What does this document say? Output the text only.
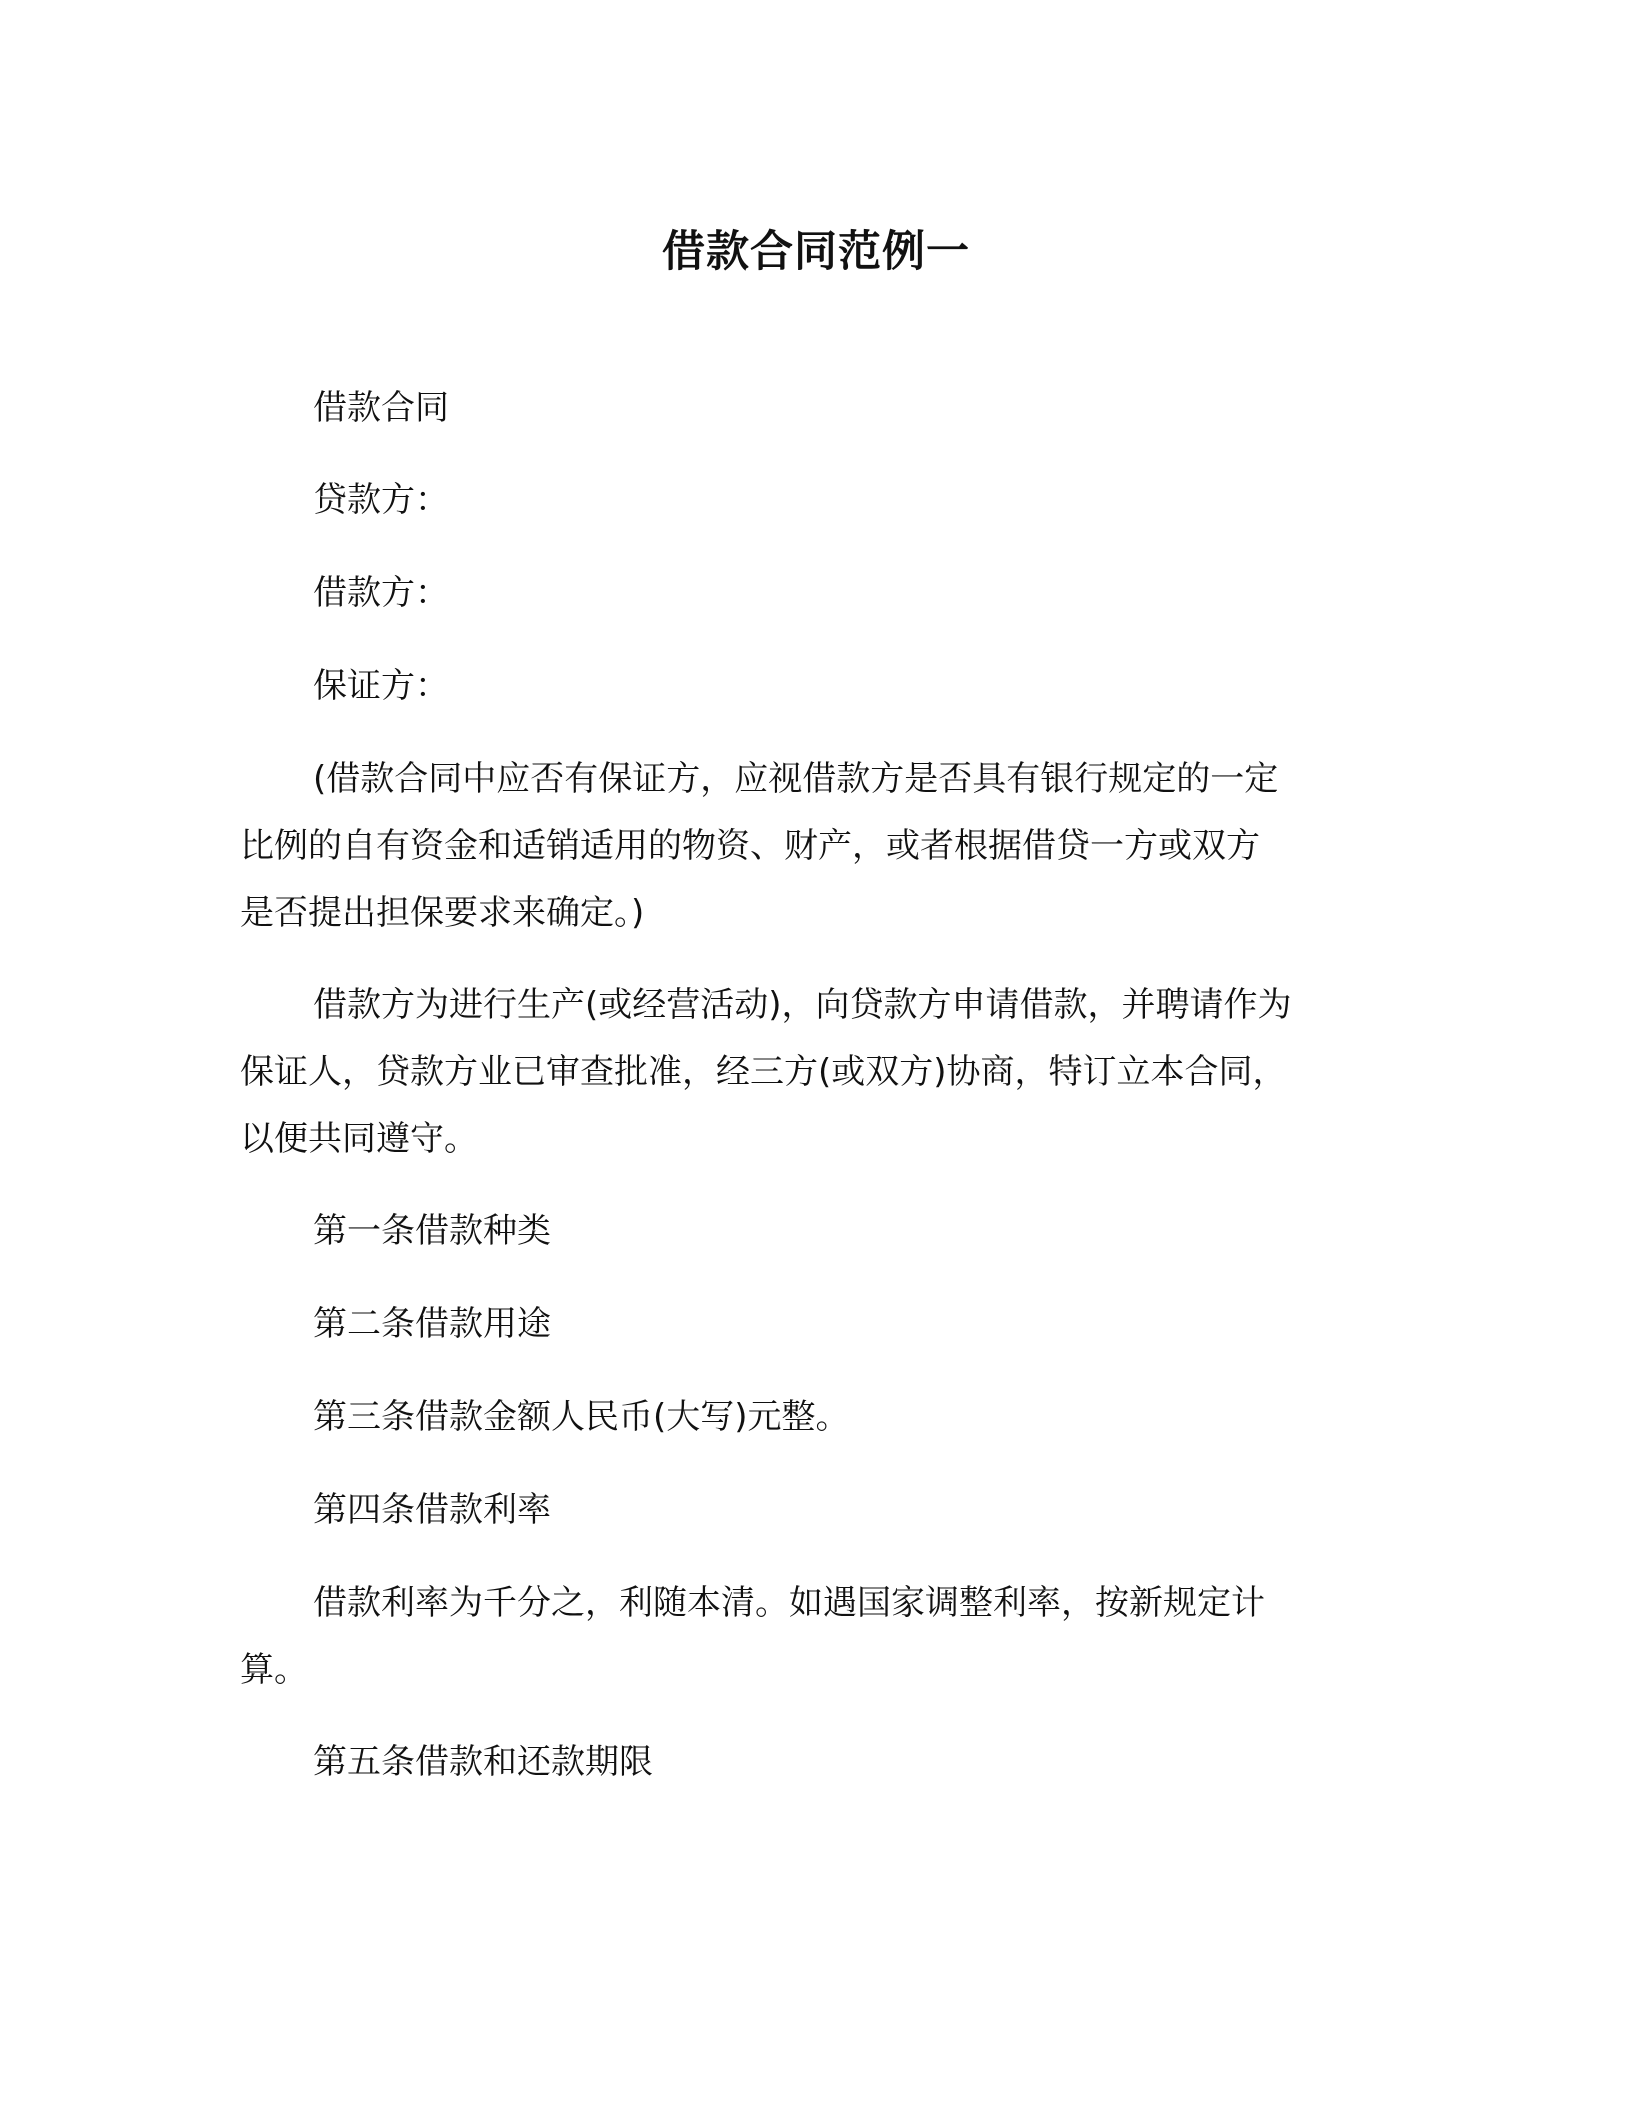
借款合同范例一

借款合同

贷款方：

借款方：

保证方：

(借款合同中应否有保证方，应视借款方是否具有银行规定的一定

比例的自有资金和适销适用的物资、财产，或者根据借贷一方或双方

是否提出担保要求来确定。)

借款方为进行生产(或经营活动)，向贷款方申请借款，并聘请作为

保证人，贷款方业已审查批准，经三方(或双方)协商，特订立本合同，

以便共同遵守。

第一条借款种类

第二条借款用途

第三条借款金额人民币(大写)元整。

第四条借款利率

借款利率为千分之，利随本清。如遇国家调整利率，按新规定计

算。

第五条借款和还款期限
